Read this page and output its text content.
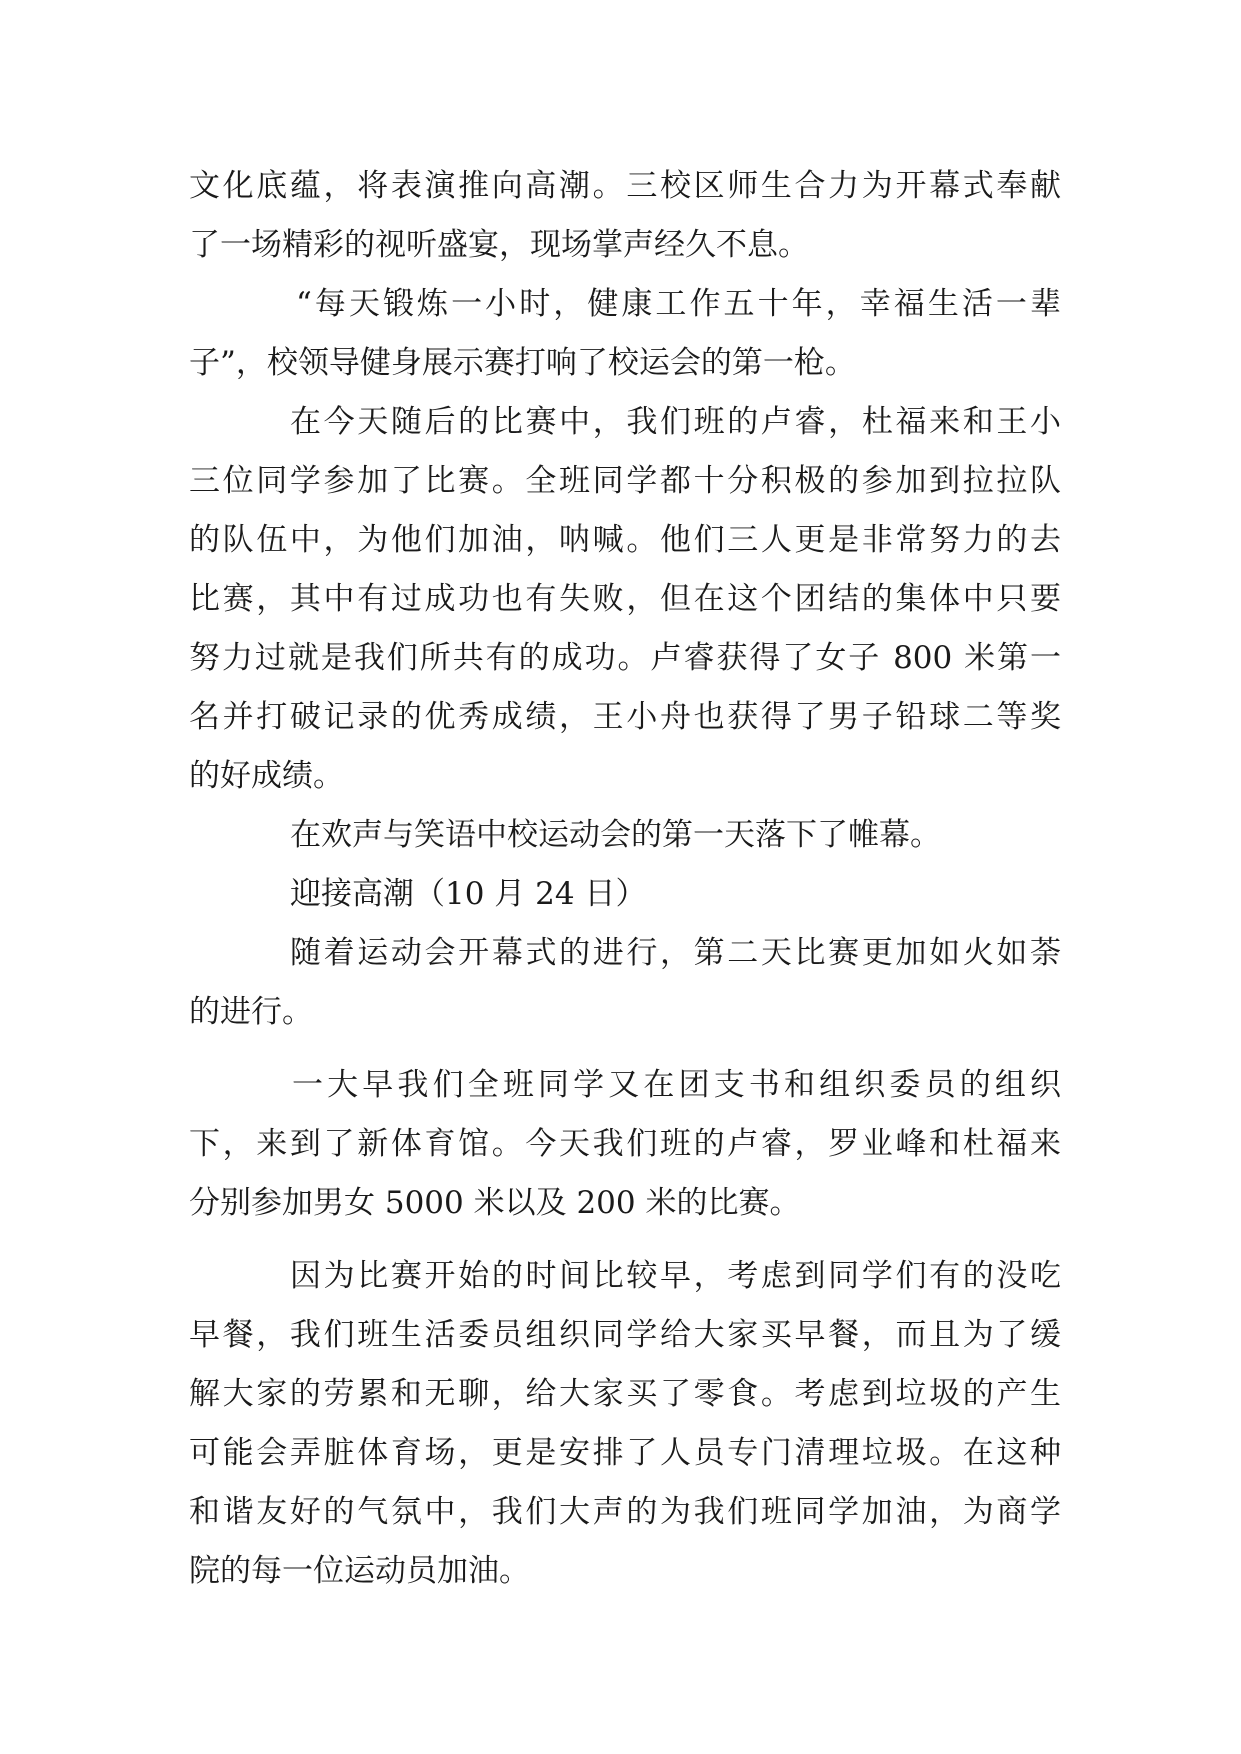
文化底蕴，将表演推向高潮。三校区师生合力为开幕式奉献
了一场精彩的视听盛宴，现场掌声经久不息。
“每天锻炼一小时，健康工作五十年，幸福生活一辈
子”，校领导健身展示赛打响了校运会的第一枪。
在今天随后的比赛中，我们班的卢睿，杜福来和王小
三位同学参加了比赛。全班同学都十分积极的参加到拉拉队
的队伍中，为他们加油，呐喊。他们三人更是非常努力的去
比赛，其中有过成功也有失败，但在这个团结的集体中只要
努力过就是我们所共有的成功。卢睿获得了女子 800 米第一
名并打破记录的优秀成绩，王小舟也获得了男子铅球二等奖
的好成绩。
在欢声与笑语中校运动会的第一天落下了帷幕。
迎接高潮（10 月 24 日）
随着运动会开幕式的进行，第二天比赛更加如火如荼
的进行。
一大早我们全班同学又在团支书和组织委员的组织
下，来到了新体育馆。今天我们班的卢睿，罗业峰和杜福来
分别参加男女 5000 米以及 200 米的比赛。
因为比赛开始的时间比较早，考虑到同学们有的没吃
早餐，我们班生活委员组织同学给大家买早餐，而且为了缓
解大家的劳累和无聊，给大家买了零食。考虑到垃圾的产生
可能会弄脏体育场，更是安排了人员专门清理垃圾。在这种
和谐友好的气氛中，我们大声的为我们班同学加油，为商学
院的每一位运动员加油。
